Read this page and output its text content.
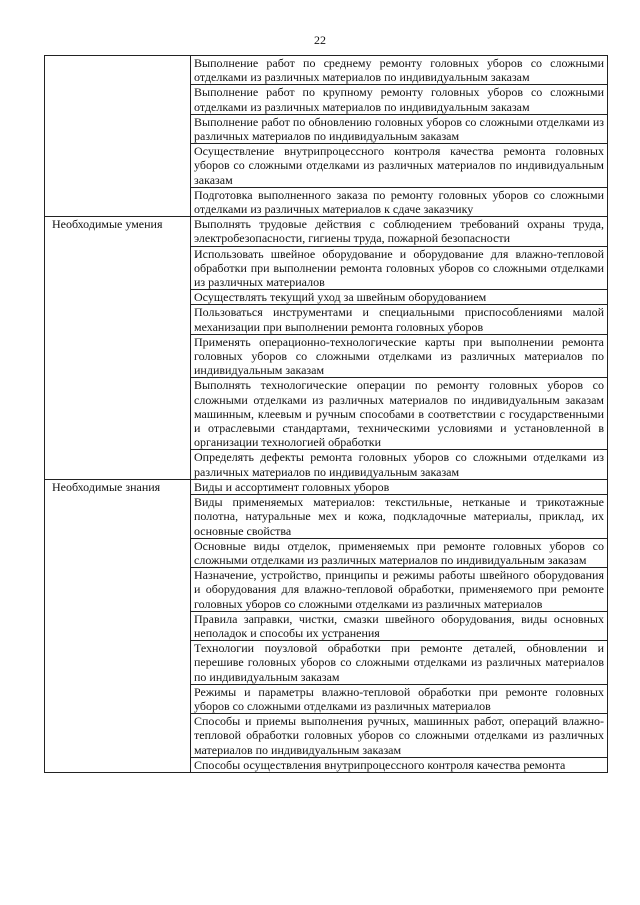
22
	Выполнение работ по среднему ремонту головных уборов со сложными отделками из различных материалов по индивидуальным заказам
	Выполнение работ по крупному ремонту головных уборов со сложными отделками из различных материалов по индивидуальным заказам
	Выполнение работ по обновлению головных уборов со сложными отделками из различных материалов по индивидуальным заказам
	Осуществление внутрипроцессного контроля качества ремонта головных уборов со сложными отделками из различных материалов по индивидуальным заказам
	Подготовка выполненного заказа по ремонту головных уборов со сложными отделками из различных материалов к сдаче заказчику

Необходимые умения	Выполнять трудовые действия с соблюдением требований охраны труда, электробезопасности, гигиены труда, пожарной безопасности
	Использовать швейное оборудование и оборудование для влажно-тепловой обработки при выполнении ремонта головных уборов со сложными отделками из различных материалов
	Осуществлять текущий уход за швейным оборудованием
	Пользоваться инструментами и специальными приспособлениями малой механизации при выполнении ремонта головных уборов
	Применять операционно-технологические карты при выполнении ремонта головных уборов со сложными отделками из различных материалов по индивидуальным заказам
	Выполнять технологические операции по ремонту головных уборов со сложными отделками из различных материалов по индивидуальным заказам машинным, клеевым и ручным способами в соответствии с государственными и отраслевыми стандартами, техническими условиями и установленной в организации технологией обработки
	Определять дефекты ремонта головных уборов со сложными отделками из различных материалов по индивидуальным заказам

Необходимые знания	Виды и ассортимент головных уборов
	Виды применяемых материалов: текстильные, нетканые и трикотажные полотна, натуральные мех и кожа, подкладочные материалы, приклад, их основные свойства
	Основные виды отделок, применяемых при ремонте головных уборов со сложными отделками из различных материалов по индивидуальным заказам
	Назначение, устройство, принципы и режимы работы швейного оборудования и оборудования для влажно-тепловой обработки, применяемого при ремонте головных уборов со сложными отделками из различных материалов
	Правила заправки, чистки, смазки швейного оборудования, виды основных неполадок и способы их устранения
	Технологии поузловой обработки при ремонте деталей, обновлении и перешиве головных уборов со сложными отделками из различных материалов по индивидуальным заказам
	Режимы и параметры влажно-тепловой обработки при ремонте головных уборов со сложными отделками из различных материалов
	Способы и приемы выполнения ручных, машинных работ, операций влажно-тепловой обработки головных уборов со сложными отделками из различных материалов по индивидуальным заказам
	Способы осуществления внутрипроцессного контроля качества ремонта
